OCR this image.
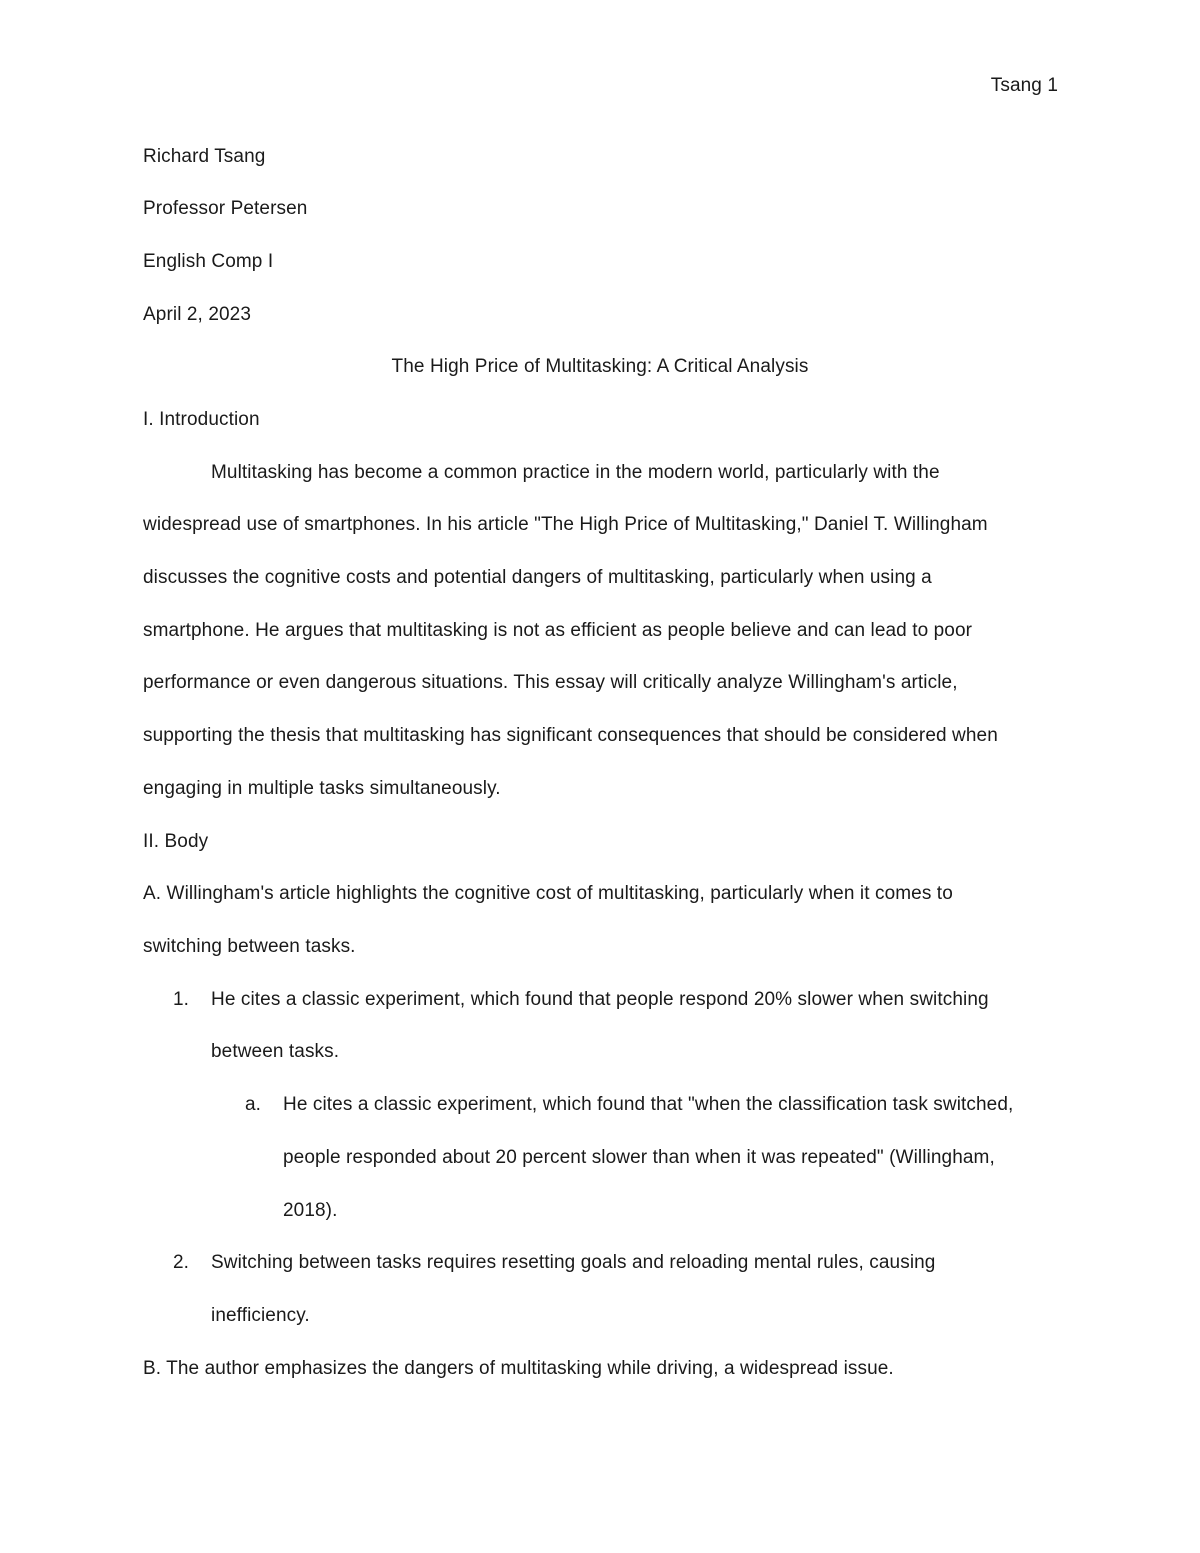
Tsang 1
Richard Tsang
Professor Petersen
English Comp I
April 2, 2023
The High Price of Multitasking: A Critical Analysis
I. Introduction
Multitasking has become a common practice in the modern world, particularly with the
widespread use of smartphones. In his article "The High Price of Multitasking," Daniel T. Willingham
discusses the cognitive costs and potential dangers of multitasking, particularly when using a
smartphone. He argues that multitasking is not as efficient as people believe and can lead to poor
performance or even dangerous situations. This essay will critically analyze Willingham's article,
supporting the thesis that multitasking has significant consequences that should be considered when
engaging in multiple tasks simultaneously.
II. Body
A. Willingham's article highlights the cognitive cost of multitasking, particularly when it comes to
switching between tasks.
1. He cites a classic experiment, which found that people respond 20% slower when switching
between tasks.
a. He cites a classic experiment, which found that "when the classification task switched,
people responded about 20 percent slower than when it was repeated" (Willingham,
2018).
2. Switching between tasks requires resetting goals and reloading mental rules, causing
inefficiency.
B. The author emphasizes the dangers of multitasking while driving, a widespread issue.
